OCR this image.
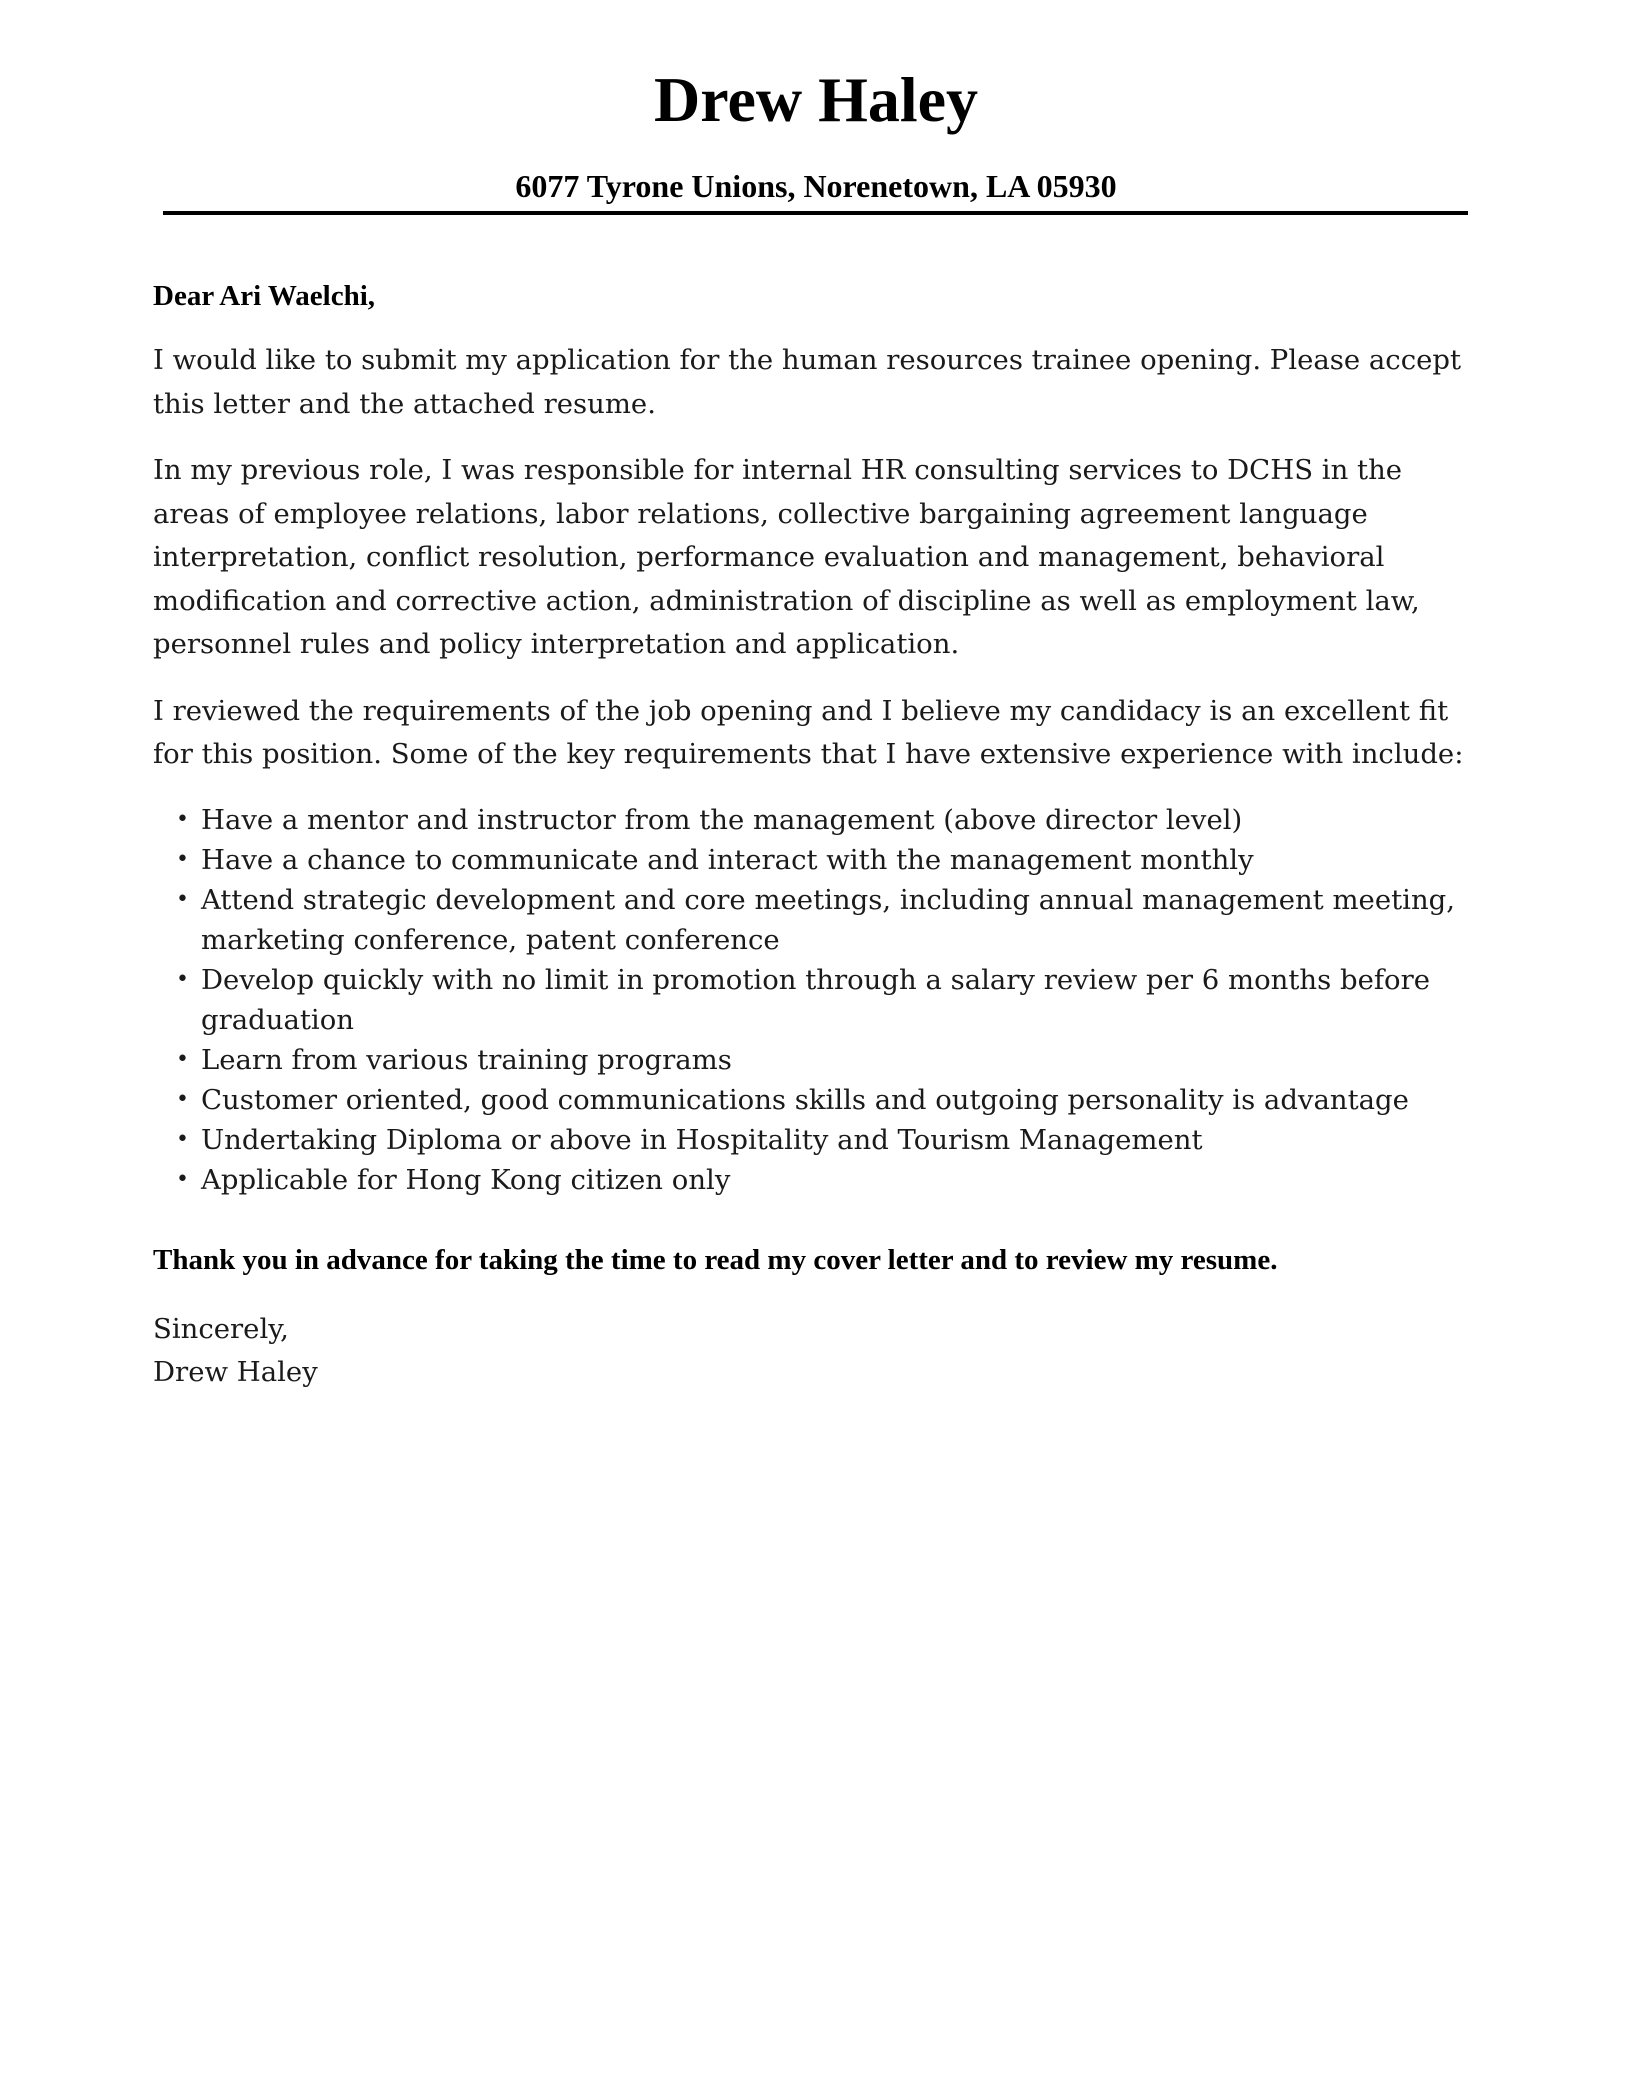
Drew Haley
6077 Tyrone Unions, Norenetown, LA 05930
Dear Ari Waelchi,

I would like to submit my application for the human resources trainee opening. Please accept this letter and the attached resume.

In my previous role, I was responsible for internal HR consulting services to DCHS in the areas of employee relations, labor relations, collective bargaining agreement language interpretation, conflict resolution, performance evaluation and management, behavioral modification and corrective action, administration of discipline as well as employment law, personnel rules and policy interpretation and application.

I reviewed the requirements of the job opening and I believe my candidacy is an excellent fit for this position. Some of the key requirements that I have extensive experience with include:

• Have a mentor and instructor from the management (above director level)
• Have a chance to communicate and interact with the management monthly
• Attend strategic development and core meetings, including annual management meeting, marketing conference, patent conference
• Develop quickly with no limit in promotion through a salary review per 6 months before graduation
• Learn from various training programs
• Customer oriented, good communications skills and outgoing personality is advantage
• Undertaking Diploma or above in Hospitality and Tourism Management
• Applicable for Hong Kong citizen only
Thank you in advance for taking the time to read my cover letter and to review my resume.
Sincerely,
Drew Haley
